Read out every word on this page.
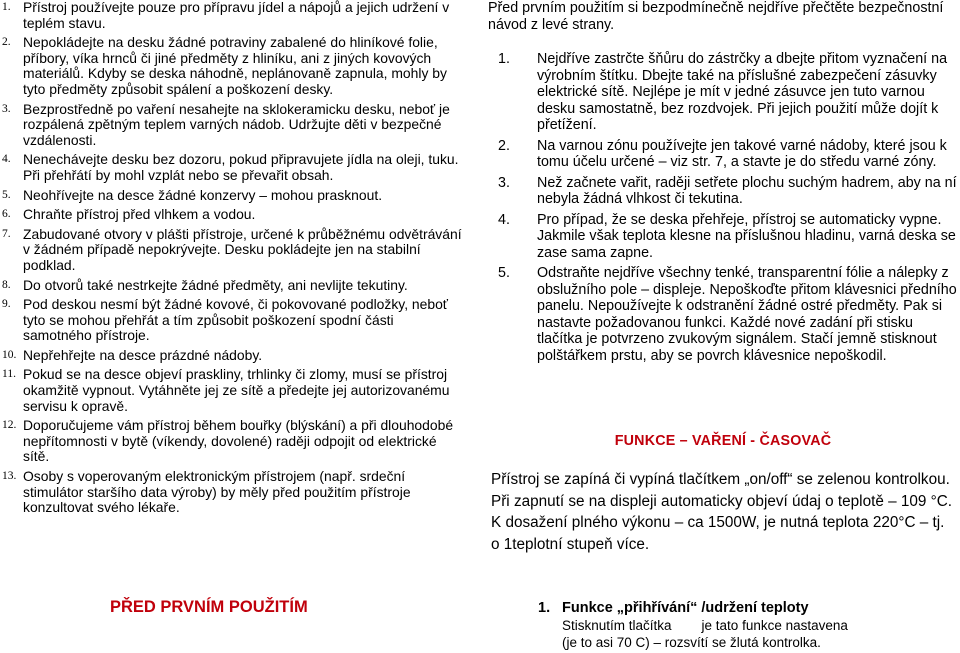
1. Přístroj používejte pouze pro přípravu jídel a nápojů a jejich udržení v teplém stavu.
2. Nepokládejte na desku žádné potraviny zabalené do hliníkové folie, příbory, víka hrnců či jiné předměty z hliníku, ani z jiných kovových materiálů. Kdyby se deska náhodně, neplánovaně zapnula, mohly by tyto předměty způsobit spálení a poškození desky.
3. Bezprostředně po vaření nesahejte na sklokeramicku desku, neboť je rozpálená zpětným teplem varných nádob. Udržujte děti v bezpečné vzdálenosti.
4. Nenechávejte desku bez dozoru, pokud připravujete jídla na oleji, tuku. Při přehřátí by mohl vzplát nebo se převařit obsah.
5. Neohřívejte na desce žádné konzervy – mohou prasknout.
6. Chraňte přístroj před vlhkem a vodou.
7. Zabudované otvory v plášti přístroje, určené k průběžnému odvětrávání v žádném případě nepokrývejte. Desku pokládejte jen na stabilní podklad.
8. Do otvorů také nestrkejte žádné předměty, ani nevlijte tekutiny.
9. Pod deskou nesmí být žádné kovové, či pokovované podložky, neboť tyto se mohou přehřát a tím způsobit poškození spodní části samotného přístroje.
10. Nepřehřejte na desce prázdné nádoby.
11. Pokud se na desce objeví praskliny, trhlinky či zlomy, musí se přístroj okamžitě vypnout. Vytáhněte jej ze sítě a předejte jej autorizovanému servisu k opravě.
12. Doporučujeme vám přístroj během bouřky (blýskání) a při dlouhodobé nepřítomnosti v bytě (víkendy, dovolené) raději odpojit od elektrické sítě.
13. Osoby s voperovaným elektronickým přístrojem (např. srdeční stimulátor staršího data výroby) by měly před použitím přístroje konzultovat svého lékaře.
Před prvním použitím si bezpodmínečně nejdříve přečtěte bezpečnostní návod z levé strany.
1.	Nejdříve zastrčte šňůru do zástrčky a dbejte přitom vyznačení na výrobním štítku. Dbejte také na příslušné zabezpečení zásuvky elektrické sítě. Nejlépe je mít v jedné zásuvce jen tuto varnou desku samostatně, bez rozdvojek. Při jejich použití může dojít k přetížení.
2.	Na varnou zónu používejte jen takové varné nádoby, které jsou k tomu účelu určené – viz str. 7, a stavte je do středu varné zóny.
3.	Než začnete vařit, raději setřete plochu suchým hadrem, aby na ní nebyla žádná vlhkost či tekutina.
4.	Pro případ, že se deska přehřeje, přístroj se automaticky vypne. Jakmile však teplota klesne na příslušnou hladinu, varná deska se zase sama zapne.
5.	Odstraňte nejdříve všechny tenké, transparentní fólie a nálepky z obslužního pole – displeje. Nepoškoďte přitom klávesnici předního panelu. Nepoužívejte k odstranění žádné ostré předměty. Pak si nastavte požadovanou funkci. Každé nové zadání při stisku tlačítka je potvrzeno zvukovým signálem. Stačí jemně stisknout polštářkem prstu, aby se povrch klávesnice nepoškodil.
FUNKCE – VAŘENÍ - ČASOVAČ
Přístroj se zapíná či vypíná tlačítkem „on/off“ se zelenou kontrolkou. Při zapnutí se na displeji automaticky objeví údaj o teplotě – 109 °C. K dosažení plného výkonu – ca 1500W, je nutná teplota 220°C – tj. o 1teplotní stupeň více.
PŘED PRVNÍM POUŽITÍM	1. Funkce „přihřívání“ /udržení teploty
Stisknutím tlačítka        je tato funkce nastavena
(je to asi 70 C) – rozsvítí se žlutá kontrolka.
